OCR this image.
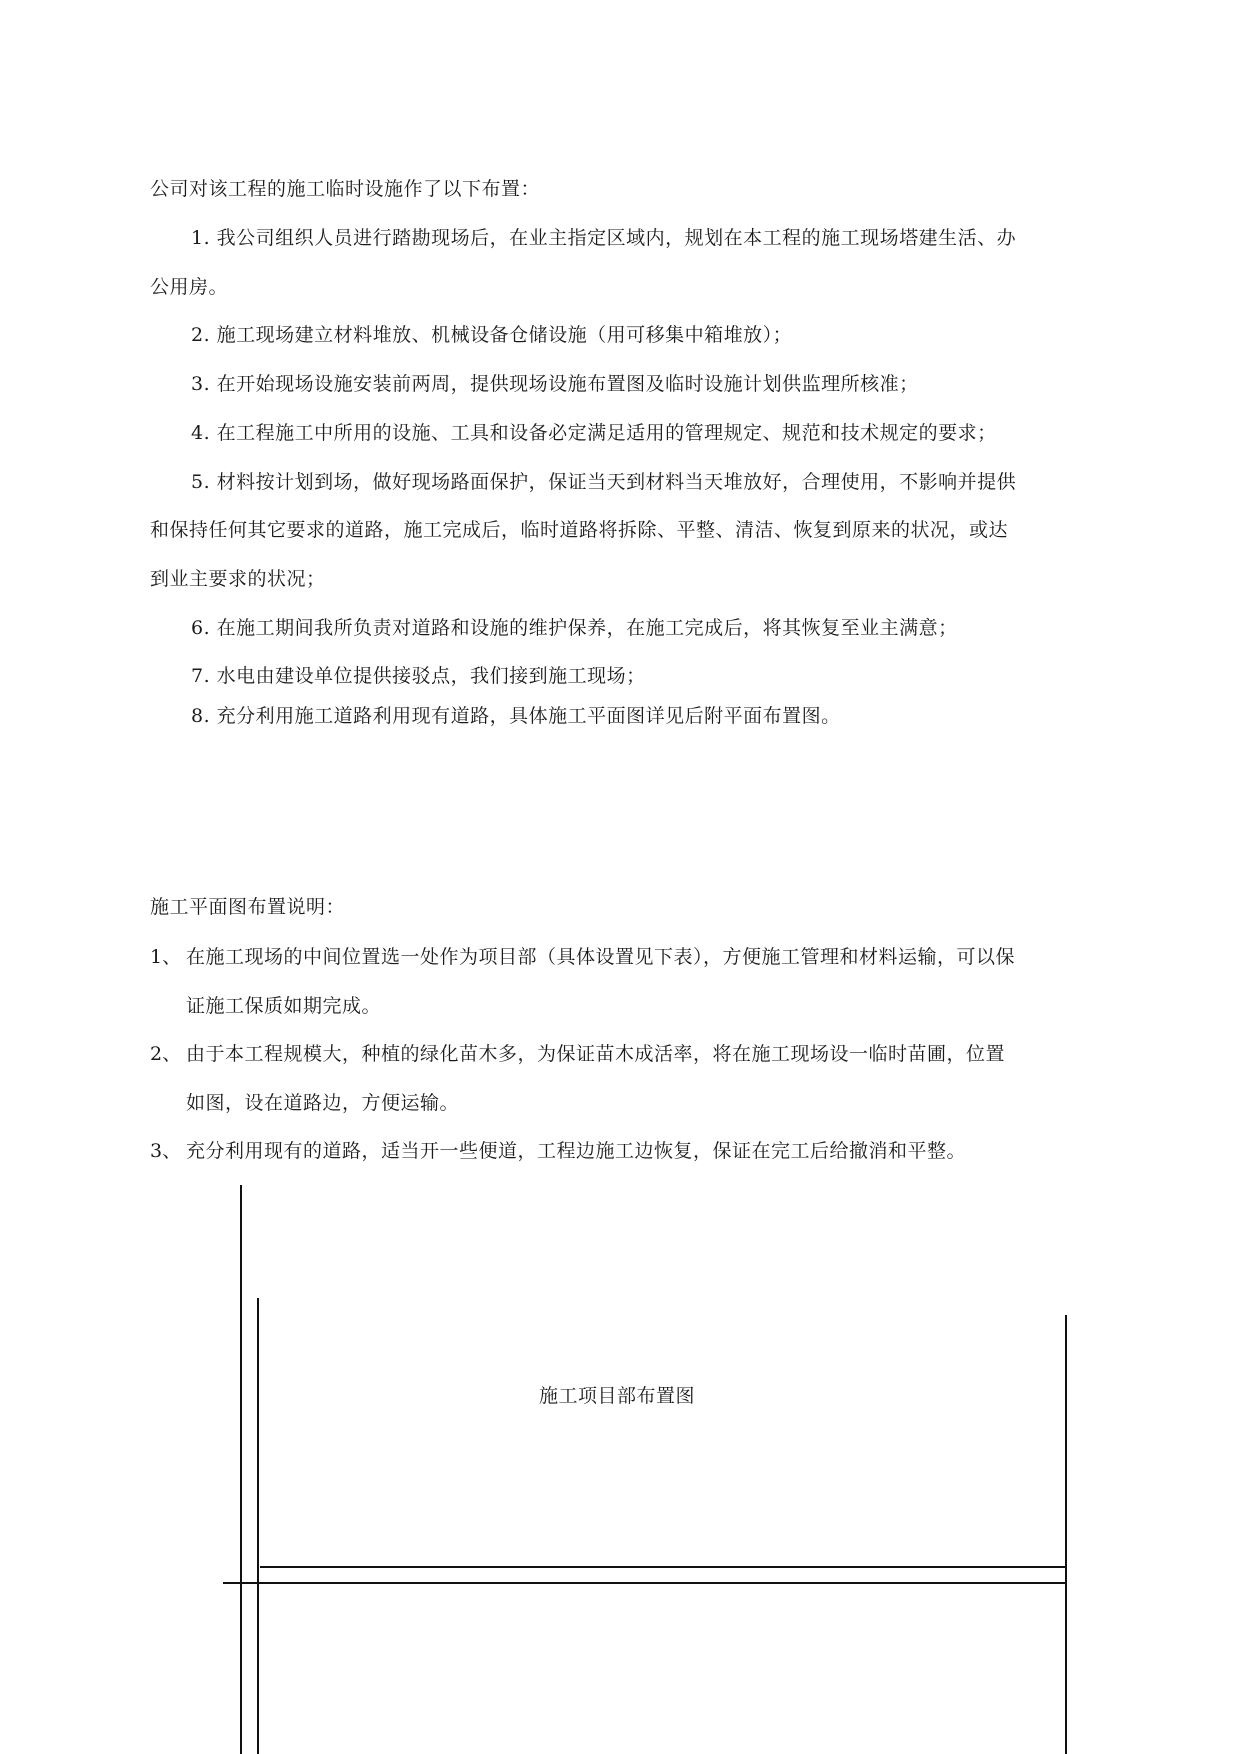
公司对该工程的施工临时设施作了以下布置：
1. 我公司组织人员进行踏勘现场后，在业主指定区域内，规划在本工程的施工现场塔建生活、办
公用房。
2. 施工现场建立材料堆放、机械设备仓储设施（用可移集中箱堆放）；
3. 在开始现场设施安装前两周，提供现场设施布置图及临时设施计划供监理所核准；
4. 在工程施工中所用的设施、工具和设备必定满足适用的管理规定、规范和技术规定的要求；
5. 材料按计划到场，做好现场路面保护，保证当天到材料当天堆放好，合理使用，不影响并提供
和保持任何其它要求的道路，施工完成后，临时道路将拆除、平整、清洁、恢复到原来的状况，或达
到业主要求的状况；
6. 在施工期间我所负责对道路和设施的维护保养，在施工完成后，将其恢复至业主满意；
7. 水电由建设单位提供接驳点，我们接到施工现场；
8. 充分利用施工道路利用现有道路，具体施工平面图详见后附平面布置图。
施工平面图布置说明：
1、 在施工现场的中间位置选一处作为项目部（具体设置见下表），方便施工管理和材料运输，可以保
证施工保质如期完成。
2、 由于本工程规模大，种植的绿化苗木多，为保证苗木成活率，将在施工现场设一临时苗圃，位置
如图，设在道路边，方便运输。
3、 充分利用现有的道路，适当开一些便道，工程边施工边恢复，保证在完工后给撤消和平整。
施工项目部布置图
